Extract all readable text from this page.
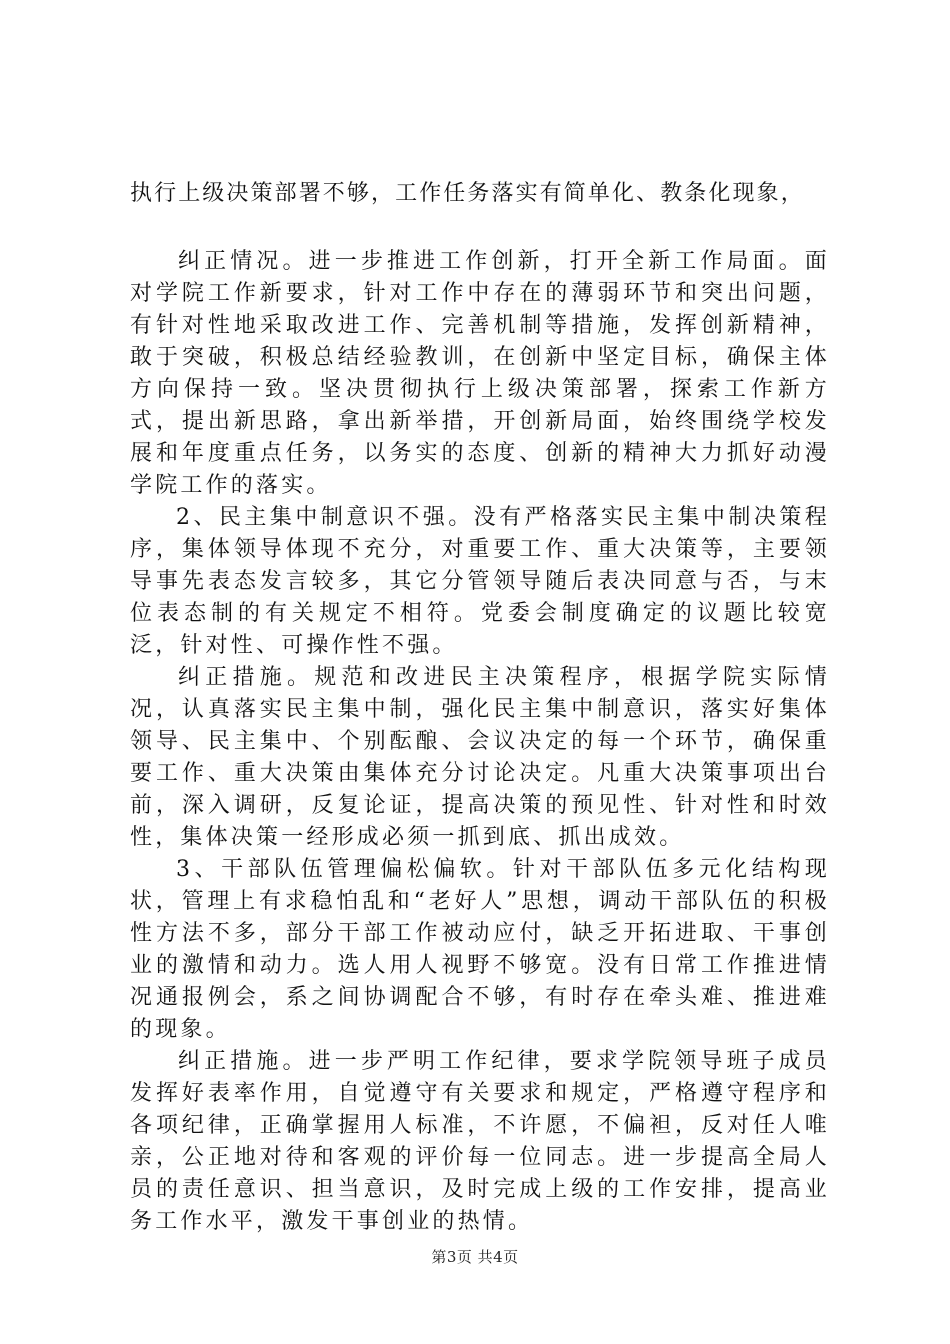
执行上级决策部署不够，工作任务落实有简单化、教条化现象，

纠正情况。进一步推进工作创新，打开全新工作局面。面对学院工作新要求，针对工作中存在的薄弱环节和突出问题，有针对性地采取改进工作、完善机制等措施，发挥创新精神，敢于突破，积极总结经验教训，在创新中坚定目标，确保主体方向保持一致。坚决贯彻执行上级决策部署，探索工作新方式，提出新思路，拿出新举措，开创新局面，始终围绕学校发展和年度重点任务，以务实的态度、创新的精神大力抓好动漫学院工作的落实。

2、民主集中制意识不强。没有严格落实民主集中制决策程序，集体领导体现不充分，对重要工作、重大决策等，主要领导事先表态发言较多，其它分管领导随后表决同意与否，与末位表态制的有关规定不相符。党委会制度确定的议题比较宽泛，针对性、可操作性不强。

纠正措施。规范和改进民主决策程序，根据学院实际情况，认真落实民主集中制，强化民主集中制意识，落实好集体领导、民主集中、个别酝酿、会议决定的每一个环节，确保重要工作、重大决策由集体充分讨论决定。凡重大决策事项出台前，深入调研，反复论证，提高决策的预见性、针对性和时效性，集体决策一经形成必须一抓到底、抓出成效。

3、干部队伍管理偏松偏软。针对干部队伍多元化结构现状，管理上有求稳怕乱和“老好人”思想，调动干部队伍的积极性方法不多，部分干部工作被动应付，缺乏开拓进取、干事创业的激情和动力。选人用人视野不够宽。没有日常工作推进情况通报例会，系之间协调配合不够，有时存在牵头难、推进难的现象。

纠正措施。进一步严明工作纪律，要求学院领导班子成员发挥好表率作用，自觉遵守有关要求和规定，严格遵守程序和各项纪律，正确掌握用人标准，不许愿，不偏袒，反对任人唯亲，公正地对待和客观的评价每一位同志。进一步提高全局人员的责任意识、担当意识，及时完成上级的工作安排，提高业务工作水平，激发干事创业的热情。

第3页 共4页
